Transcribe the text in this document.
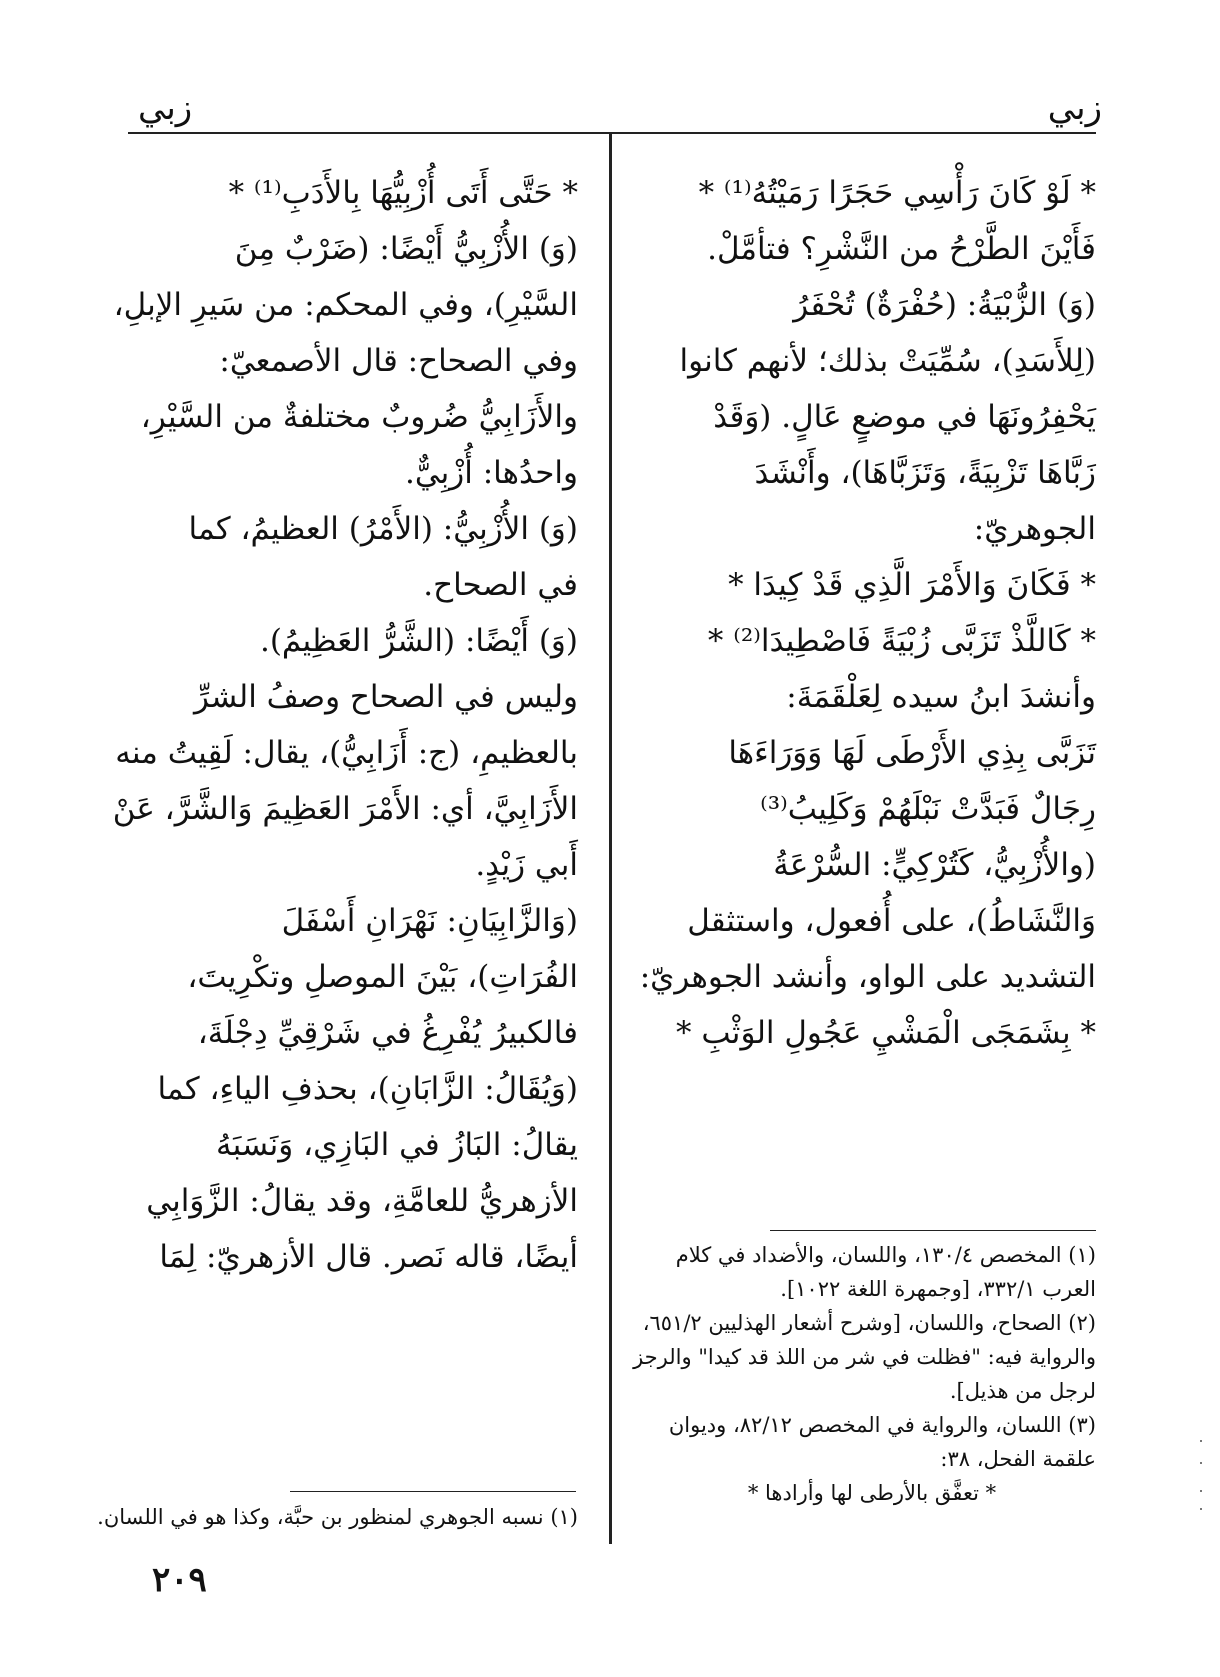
زبي
زبي
* لَوْ كَانَ رَأْسِي حَجَرًا رَمَيْتُهُ⁽¹⁾ *
فَأَيْنَ الطَّرْحُ من النَّشْرِ؟ فتأمَّلْ.
(وَ) الزُّبْيَةُ: (حُفْرَةٌ) تُحْفَرُ
(لِلأَسَدِ)، سُمِّيَتْ بذلك؛ لأنهم كانوا
يَحْفِرُونَهَا في موضعٍ عَالٍ. (وَقَدْ
زَبَّاهَا تَزْبِيَةً، وَتَزَبَّاهَا)، وأَنْشَدَ
الجوهريّ:
* فَكَانَ وَالأَمْرَ الَّذِي قَدْ كِيدَا *
* كَاللَّذْ تَزَبَّى زُبْيَةً فَاصْطِيدَا⁽²⁾ *
وأنشدَ ابنُ سيده لِعَلْقَمَةَ:
تَزَبَّى بِذِي الأَرْطَى لَهَا وَوَرَاءَهَا
رِجَالٌ فَبَدَّتْ نَبْلَهُمْ وَكَلِيبُ⁽³⁾
(والأُزْبِيُّ، كَتُرْكِيٍّ: السُّرْعَةُ
وَالنَّشَاطُ)، على أُفعول، واستثقل
التشديد على الواو، وأنشد الجوهريّ:
* بِشَمَجَى الْمَشْيِ عَجُولِ الوَثْبِ *
(١) المخصص ١٣٠/٤، واللسان، والأضداد في كلام
العرب ٣٣٢/١، [وجمهرة اللغة ١٠٢٢].
(٢) الصحاح، واللسان، [وشرح أشعار الهذليين ٦٥١/٢،
والرواية فيه: "فظلت في شر من اللذ قد كيدا" والرجز
لرجل من هذيل].
(٣) اللسان، والرواية في المخصص ٨٢/١٢، وديوان
علقمة الفحل، ٣٨:
* تعفَّق بالأرطى لها وأرادها *
* حَتَّى أَتَى أُزْبِيُّهَا بِالأَدَبِ⁽¹⁾ *
(وَ) الأُزْبِيُّ أَيْضًا: (ضَرْبٌ مِنَ
السَّيْرِ)، وفي المحكم: من سَيرِ الإبلِ،
وفي الصحاح: قال الأصمعيّ:
والأَزَابِيُّ ضُروبٌ مختلفةٌ من السَّيْرِ،
واحدُها: أُزْبِيٌّ.
(وَ) الأُزْبِيُّ: (الأَمْرُ) العظيمُ، كما
في الصحاح.
(وَ) أَيْضًا: (الشَّرُّ العَظِيمُ).
وليس في الصحاح وصفُ الشرِّ
بالعظيمِ، (ج: أَزَابِيُّ)، يقال: لَقِيتُ منه
الأَزَابِيَّ، أي: الأَمْرَ العَظِيمَ وَالشَّرَّ، عَنْ
أَبي زَيْدٍ.
(وَالزَّابِيَانِ: نَهْرَانِ أَسْفَلَ
الفُرَاتِ)، بَيْنَ الموصلِ وتكْرِيتَ،
فالكبيرُ يُفْرِغُ في شَرْقِيِّ دِجْلَةَ،
(وَيُقَالُ: الزَّابَانِ)، بحذفِ الياءِ، كما
يقالُ: البَازُ في البَازِي، وَنَسَبَهُ
الأزهريُّ للعامَّةِ، وقد يقالُ: الزَّوَابِي
أيضًا، قاله نَصر. قال الأزهريّ: لِمَا
(١) نسبه الجوهري لمنظور بن حبَّة، وكذا هو في اللسان.
٢٠٩
